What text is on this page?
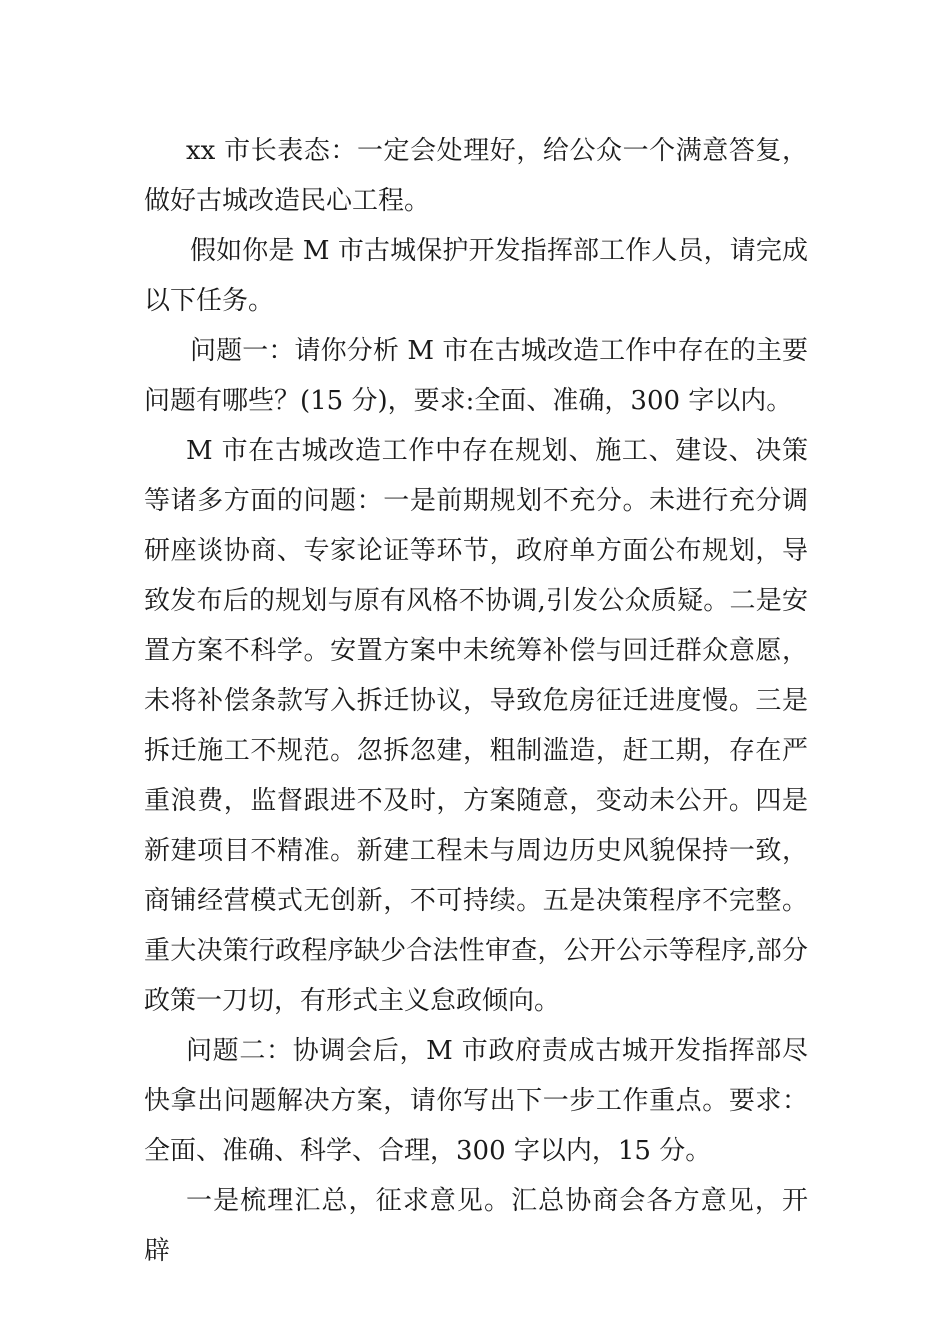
xx 市长表态：一定会处理好，给公众一个满意答复，做好古城改造民心工程。

假如你是 M 市古城保护开发指挥部工作人员，请完成以下任务。

问题一：请你分析 M 市在古城改造工作中存在的主要问题有哪些？(15 分)，要求:全面、准确，300 字以内。

M 市在古城改造工作中存在规划、施工、建设、决策等诸多方面的问题：一是前期规划不充分。未进行充分调研座谈协商、专家论证等环节，政府单方面公布规划，导致发布后的规划与原有风格不协调,引发公众质疑。二是安置方案不科学。安置方案中未统筹补偿与回迁群众意愿，未将补偿条款写入拆迁协议，导致危房征迁进度慢。三是拆迁施工不规范。忽拆忽建，粗制滥造，赶工期，存在严重浪费，监督跟进不及时，方案随意，变动未公开。四是新建项目不精准。新建工程未与周边历史风貌保持一致，商铺经营模式无创新，不可持续。五是决策程序不完整。重大决策行政程序缺少合法性审查，公开公示等程序,部分政策一刀切，有形式主义怠政倾向。

问题二：协调会后，M 市政府责成古城开发指挥部尽快拿出问题解决方案，请你写出下一步工作重点。要求：全面、准确、科学、合理，300 字以内，15 分。

一是梳理汇总，征求意见。汇总协商会各方意见，开辟
